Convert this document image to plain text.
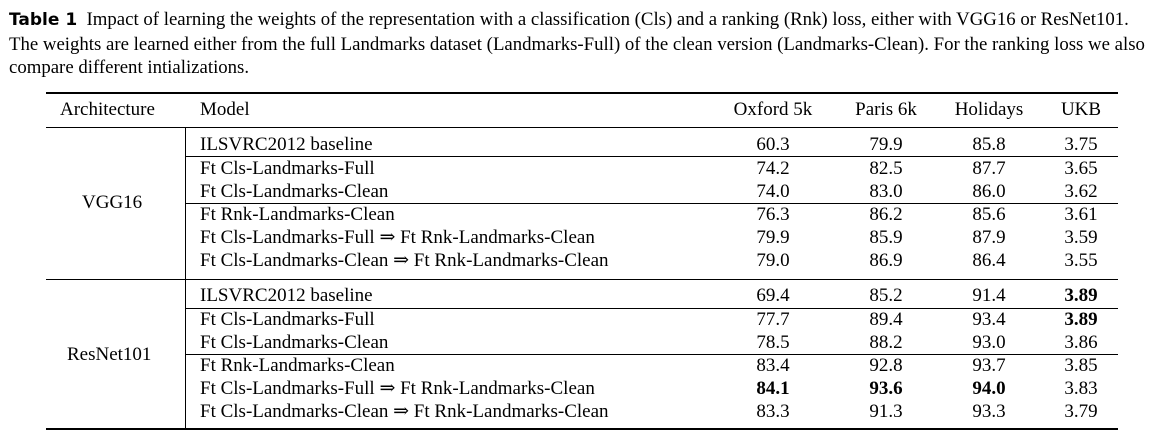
Table 1 Impact of learning the weights of the representation with a classification (Cls) and a ranking (Rnk) loss, either with VGG16 or ResNet101. The weights are learned either from the full Landmarks dataset (Landmarks-Full) of the clean version (Landmarks-Clean). For the ranking loss we also compare different intializations.
Architecture Model	Oxford 5k	Paris 6k	Holidays	UKB
VGG16
ILSVRC2012 baseline	60.3	79.9	85.8	3.75
Ft Cls-Landmarks-Full	74.2	82.5	87.7	3.65
Ft Cls-Landmarks-Clean	74.0	83.0	86.0	3.62
Ft Rnk-Landmarks-Clean	76.3	86.2	85.6	3.61
Ft Cls-Landmarks-Full ⇒ Ft Rnk-Landmarks-Clean	79.9	85.9	87.9	3.59
Ft Cls-Landmarks-Clean ⇒ Ft Rnk-Landmarks-Clean	79.0	86.9	86.4	3.55
ResNet101
ILSVRC2012 baseline	69.4	85.2	91.4	3.89
Ft Cls-Landmarks-Full	77.7	89.4	93.4	3.89
Ft Cls-Landmarks-Clean	78.5	88.2	93.0	3.86
Ft Rnk-Landmarks-Clean	83.4	92.8	93.7	3.85
Ft Cls-Landmarks-Full ⇒ Ft Rnk-Landmarks-Clean	84.1	93.6	94.0	3.83
Ft Cls-Landmarks-Clean ⇒ Ft Rnk-Landmarks-Clean	83.3	91.3	93.3	3.79
